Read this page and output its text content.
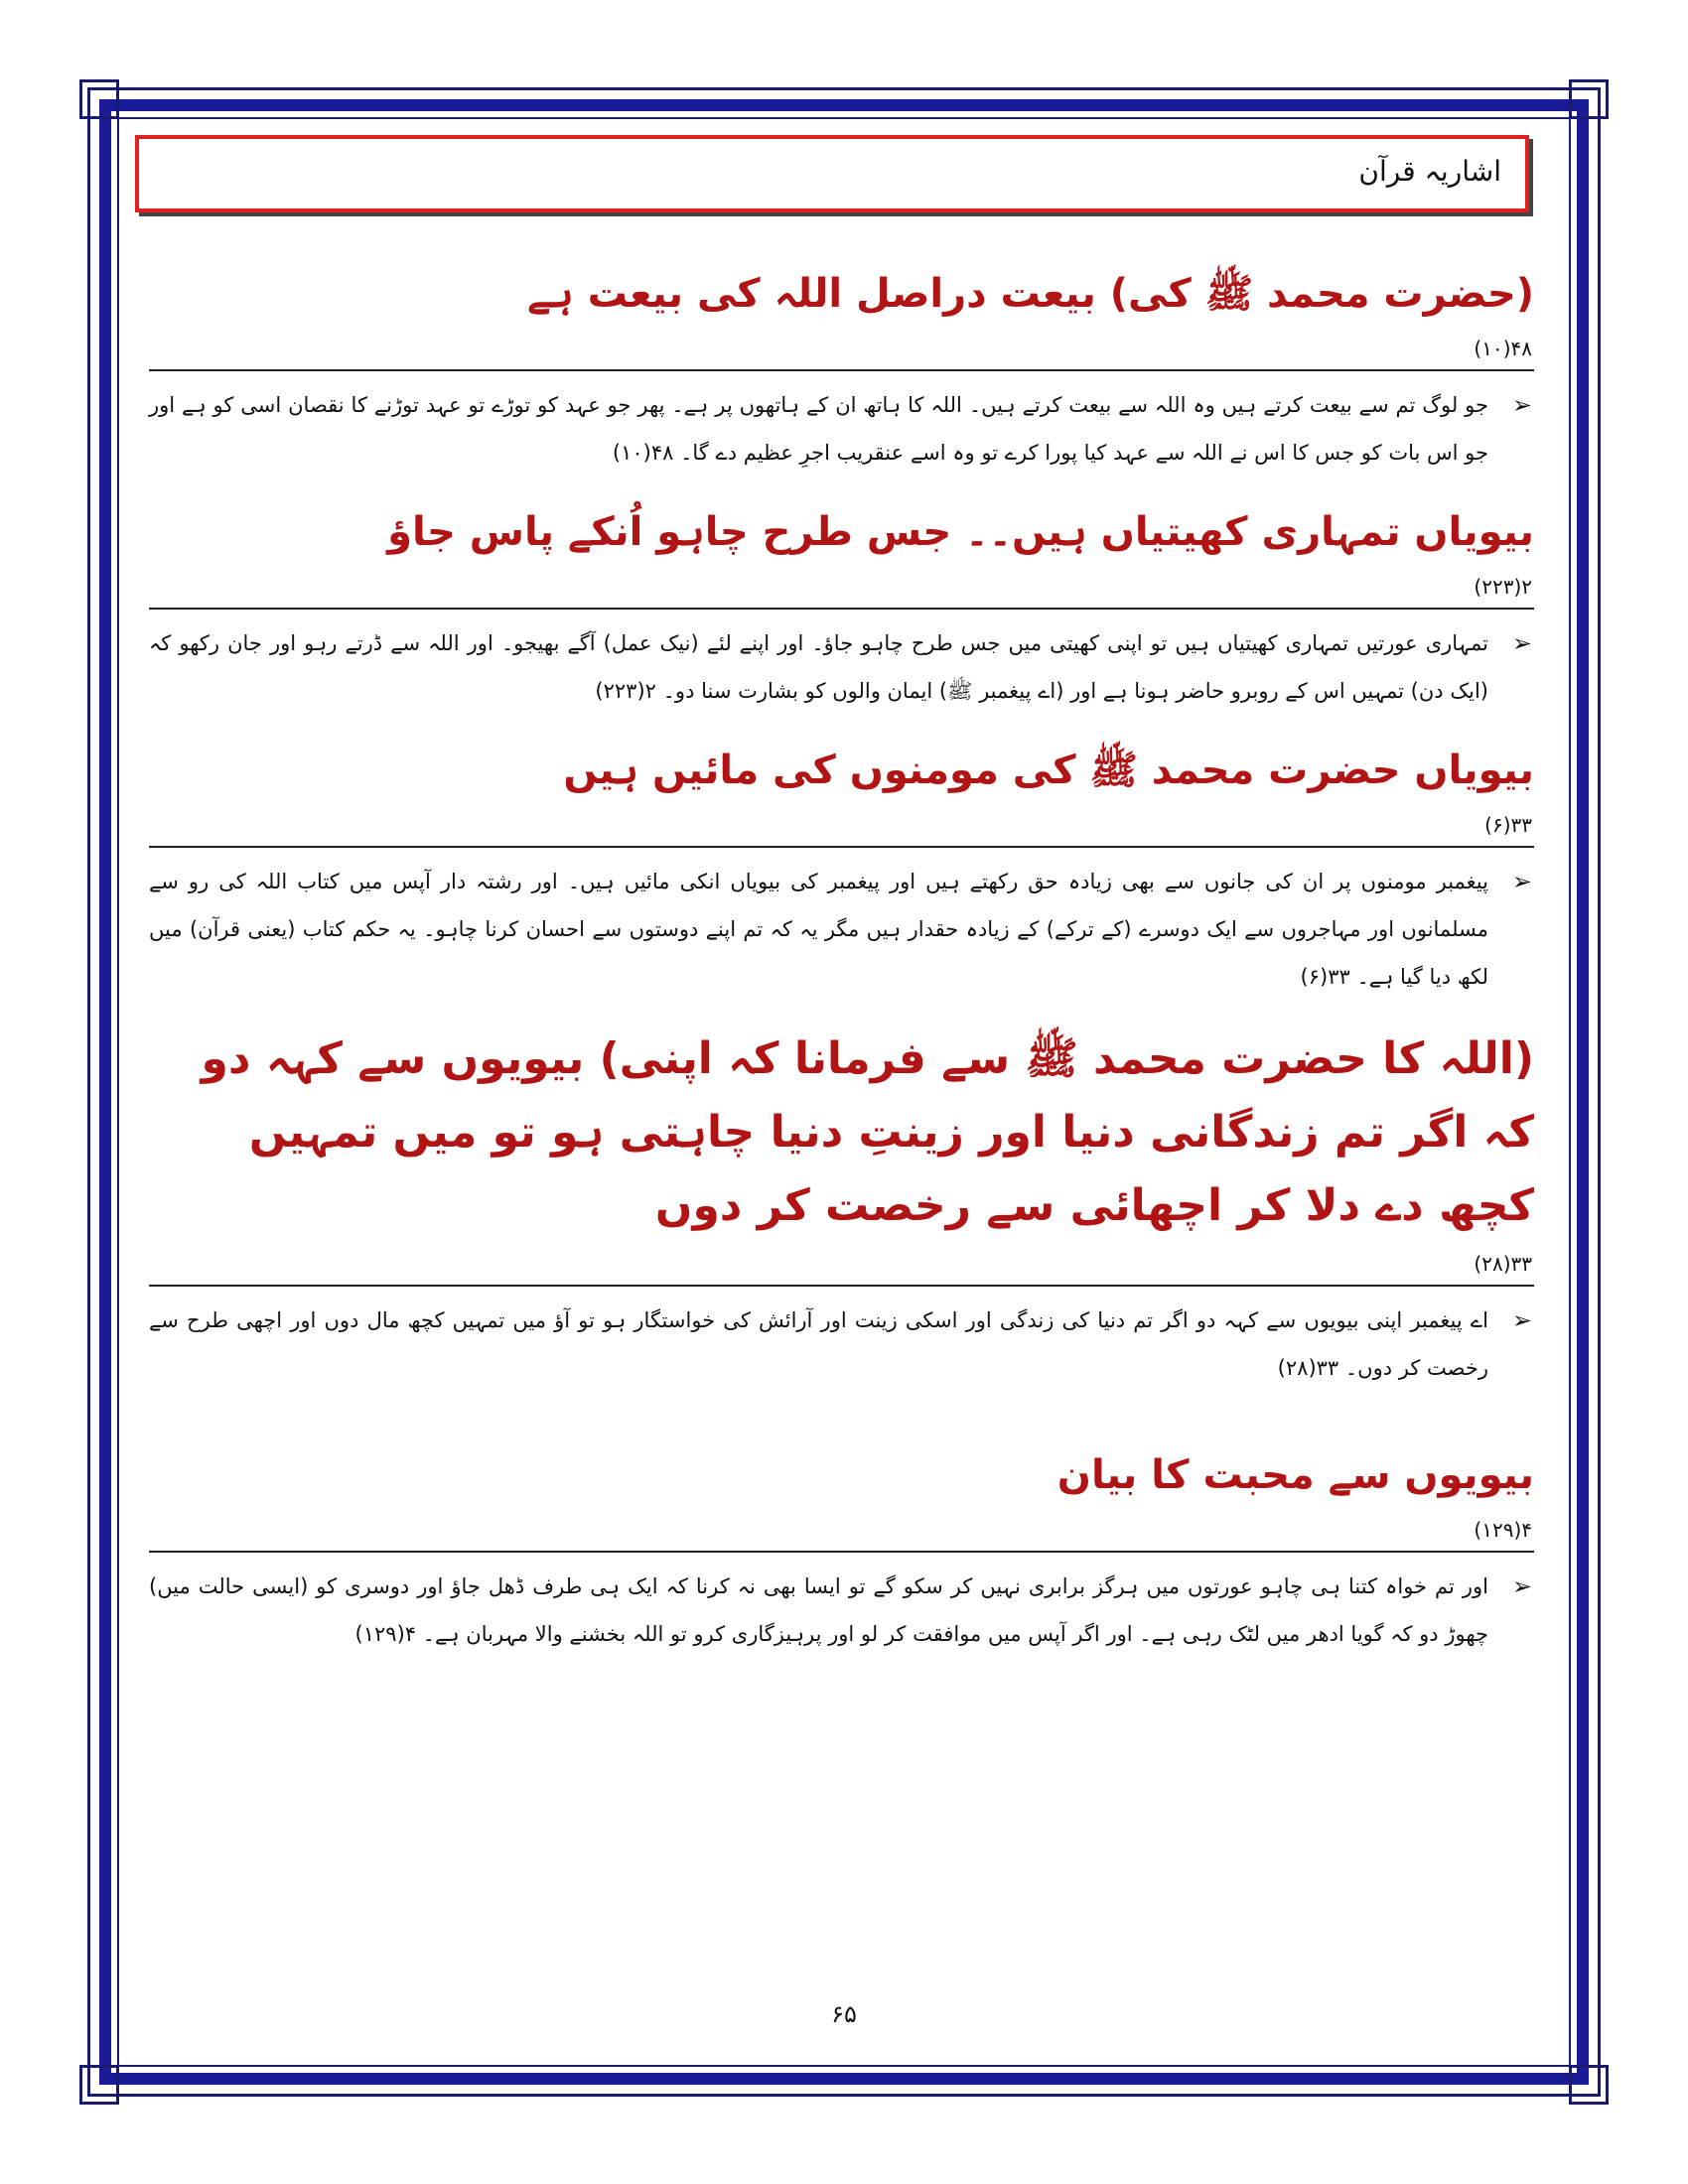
اشاریہ قرآن
(حضرت محمد ﷺ کی) بیعت دراصل اللہ کی بیعت ہے
۴۸(۱۰)
➢
جو لوگ تم سے بیعت کرتے ہیں وہ اللہ سے بیعت کرتے ہیں۔ اللہ کا ہاتھ ان کے ہاتھوں پر ہے۔ پھر جو عہد کو توڑے تو عہد توڑنے کا نقصان اسی کو ہے اور جو اس بات کو جس کا اس نے اللہ سے عہد کیا پورا کرے تو وہ اسے عنقریب اجرِ عظیم دے گا۔ ۴۸(۱۰)
بیویاں تمہاری کھیتیاں ہیں۔۔ جس طرح چاہو اُنکے پاس جاؤ
۲(۲۲۳)
➢
تمہاری عورتیں تمہاری کھیتیاں ہیں تو اپنی کھیتی میں جس طرح چاہو جاؤ۔ اور اپنے لئے (نیک عمل) آگے بھیجو۔ اور اللہ سے ڈرتے رہو اور جان رکھو کہ (ایک دن) تمہیں اس کے روبرو حاضر ہونا ہے اور (اے پیغمبر ﷺ) ایمان والوں کو بشارت سنا دو۔ ۲(۲۲۳)
بیویاں حضرت محمد ﷺ کی مومنوں کی مائیں ہیں
۳۳(۶)
➢
پیغمبر مومنوں پر ان کی جانوں سے بھی زیادہ حق رکھتے ہیں اور پیغمبر کی بیویاں انکی مائیں ہیں۔ اور رشتہ دار آپس میں کتاب اللہ کی رو سے مسلمانوں اور مہاجروں سے ایک دوسرے (کے ترکے) کے زیادہ حقدار ہیں مگر یہ کہ تم اپنے دوستوں سے احسان کرنا چاہو۔ یہ حکم کتاب (یعنی قرآن) میں لکھ دیا گیا ہے۔ ۳۳(۶)
(اللہ کا حضرت محمد ﷺ سے فرمانا کہ اپنی) بیویوں سے کہہ دو کہ اگر تم زندگانی دنیا اور زینتِ دنیا چاہتی ہو تو میں تمہیں کچھ دے دلا کر اچھائی سے رخصت کر دوں
۳۳(۲۸)
➢
اے پیغمبر اپنی بیویوں سے کہہ دو اگر تم دنیا کی زندگی اور اسکی زینت اور آرائش کی خواستگار ہو تو آؤ میں تمہیں کچھ مال دوں اور اچھی طرح سے رخصت کر دوں۔ ۳۳(۲۸)
بیویوں سے محبت کا بیان
۴(۱۲۹)
➢
اور تم خواہ کتنا ہی چاہو عورتوں میں ہرگز برابری نہیں کر سکو گے تو ایسا بھی نہ کرنا کہ ایک ہی طرف ڈھل جاؤ اور دوسری کو (ایسی حالت میں) چھوڑ دو کہ گویا ادھر میں لٹک رہی ہے۔ اور اگر آپس میں موافقت کر لو اور پرہیزگاری کرو تو اللہ بخشنے والا مہربان ہے۔ ۴(۱۲۹)
۶۵
